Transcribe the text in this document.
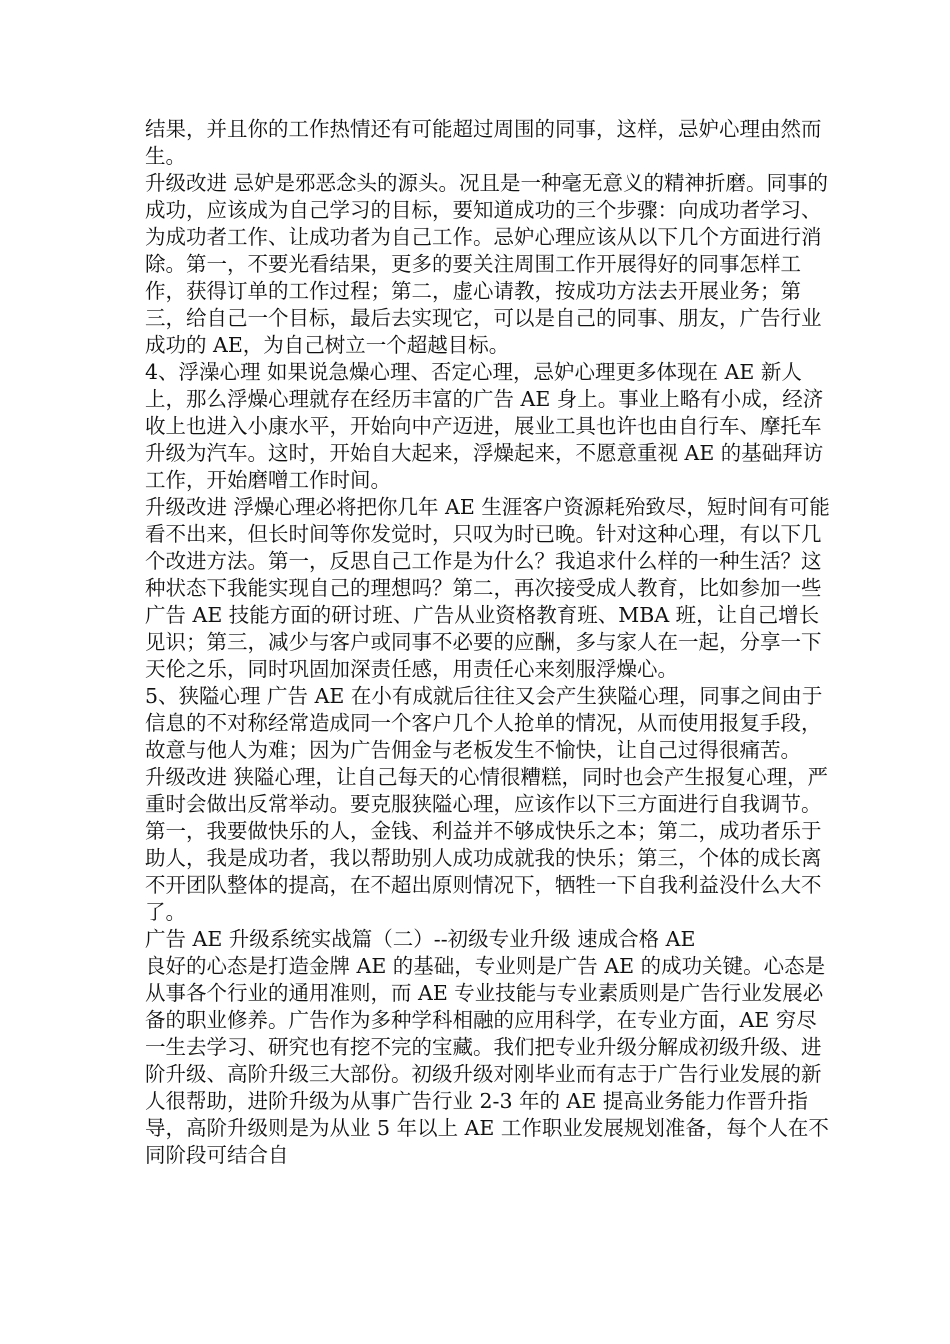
结果，并且你的工作热情还有可能超过周围的同事，这样，忌妒心理由然而生。

升级改进 忌妒是邪恶念头的源头。况且是一种毫无意义的精神折磨。同事的成功，应该成为自己学习的目标，要知道成功的三个步骤：向成功者学习、为成功者工作、让成功者为自己工作。忌妒心理应该从以下几个方面进行消除。第一，不要光看结果，更多的要关注周围工作开展得好的同事怎样工作，获得订单的工作过程；第二，虚心请教，按成功方法去开展业务；第三，给自己一个目标，最后去实现它，可以是自己的同事、朋友，广告行业成功的 AE，为自己树立一个超越目标。

4、浮澡心理 如果说急燥心理、否定心理，忌妒心理更多体现在 AE 新人上，那么浮燥心理就存在经历丰富的广告 AE 身上。事业上略有小成，经济收上也进入小康水平，开始向中产迈进，展业工具也许也由自行车、摩托车升级为汽车。这时，开始自大起来，浮燥起来，不愿意重视 AE 的基础拜访工作，开始磨噌工作时间。

升级改进 浮燥心理必将把你几年 AE 生涯客户资源耗殆致尽，短时间有可能看不出来，但长时间等你发觉时，只叹为时已晚。针对这种心理，有以下几个改进方法。第一，反思自己工作是为什么？我追求什么样的一种生活？这种状态下我能实现自己的理想吗？第二，再次接受成人教育，比如参加一些广告 AE 技能方面的研讨班、广告从业资格教育班、MBA 班，让自己增长见识；第三，减少与客户或同事不必要的应酬，多与家人在一起，分享一下天伦之乐，同时巩固加深责任感，用责任心来刻服浮燥心。

5、狭隘心理 广告 AE 在小有成就后往往又会产生狭隘心理，同事之间由于信息的不对称经常造成同一个客户几个人抢单的情况，从而使用报复手段，故意与他人为难；因为广告佣金与老板发生不愉快，让自己过得很痛苦。

升级改进 狭隘心理，让自己每天的心情很糟糕，同时也会产生报复心理，严重时会做出反常举动。要克服狭隘心理，应该作以下三方面进行自我调节。第一，我要做快乐的人，金钱、利益并不够成快乐之本；第二，成功者乐于助人，我是成功者，我以帮助别人成功成就我的快乐；第三，个体的成长离不开团队整体的提高，在不超出原则情况下，牺牲一下自我利益没什么大不了。

广告 AE 升级系统实战篇（二）--初级专业升级 速成合格 AE

良好的心态是打造金牌 AE 的基础，专业则是广告 AE 的成功关键。心态是从事各个行业的通用准则，而 AE 专业技能与专业素质则是广告行业发展必备的职业修养。广告作为多种学科相融的应用科学，在专业方面，AE 穷尽一生去学习、研究也有挖不完的宝藏。我们把专业升级分解成初级升级、进阶升级、高阶升级三大部份。初级升级对刚毕业而有志于广告行业发展的新人很帮助，进阶升级为从事广告行业 2-3 年的 AE 提高业务能力作晋升指导，高阶升级则是为从业 5 年以上 AE 工作职业发展规划准备，每个人在不同阶段可结合自
